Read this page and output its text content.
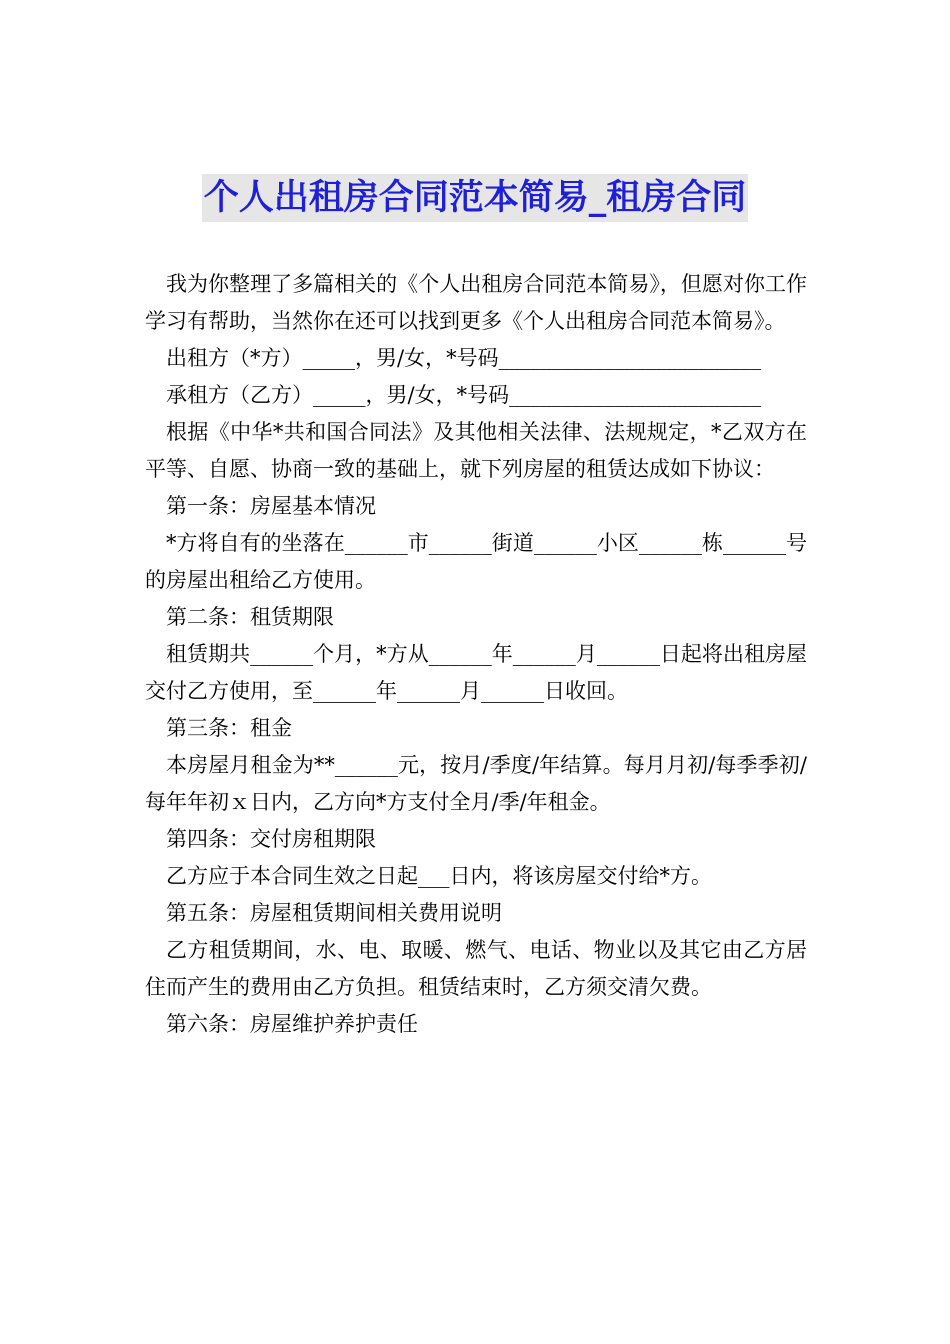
个人出租房合同范本简易_租房合同

我为你整理了多篇相关的《个人出租房合同范本简易》，但愿对你工作学习有帮助，当然你在还可以找到更多《个人出租房合同范本简易》。

出租方（*方）_____，男/女，*号码_________________________

承租方（乙方）_____，男/女，*号码________________________

根据《中华*共和国合同法》及其他相关法律、法规规定，*乙双方在平等、自愿、协商一致的基础上，就下列房屋的租赁达成如下协议：

第一条：房屋基本情况

*方将自有的坐落在______市______街道______小区______栋______号的房屋出租给乙方使用。

第二条：租赁期限

租赁期共______个月，*方从______年______月______日起将出租房屋交付乙方使用，至______年______月______日收回。

第三条：租金

本房屋月租金为**______元，按月/季度/年结算。每月月初/每季季初/每年年初ｘ日内，乙方向*方支付全月/季/年租金。

第四条：交付房租期限

乙方应于本合同生效之日起___日内，将该房屋交付给*方。

第五条：房屋租赁期间相关费用说明

乙方租赁期间，水、电、取暖、燃气、电话、物业以及其它由乙方居住而产生的费用由乙方负担。租赁结束时，乙方须交清欠费。

第六条：房屋维护养护责任
